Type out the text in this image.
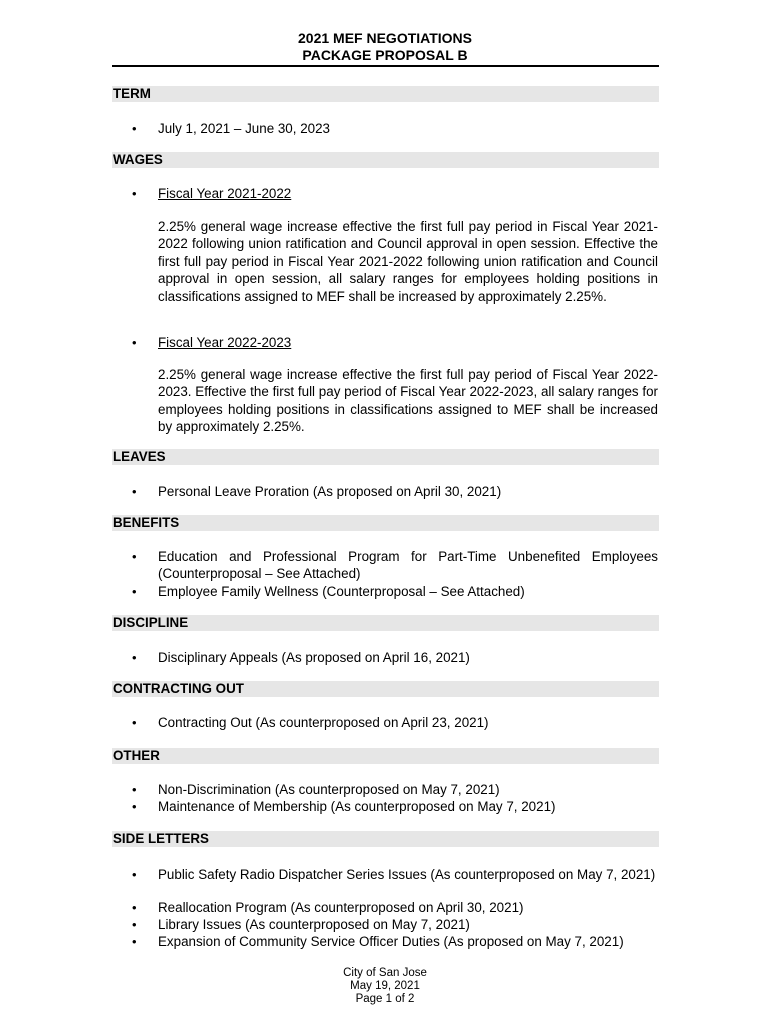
2021 MEF NEGOTIATIONS
PACKAGE PROPOSAL B
TERM
•	July 1, 2021 – June 30, 2023
WAGES
•	Fiscal Year 2021-2022
2.25% general wage increase effective the first full pay period in Fiscal Year 2021-2022 following union ratification and Council approval in open session. Effective the first full pay period in Fiscal Year 2021-2022 following union ratification and Council approval in open session, all salary ranges for employees holding positions in classifications assigned to MEF shall be increased by approximately 2.25%.
•	Fiscal Year 2022-2023
2.25% general wage increase effective the first full pay period of Fiscal Year 2022-2023. Effective the first full pay period of Fiscal Year 2022-2023, all salary ranges for employees holding positions in classifications assigned to MEF shall be increased by approximately 2.25%.
LEAVES
•	Personal Leave Proration (As proposed on April 30, 2021)
BENEFITS
•	Education and Professional Program for Part-Time Unbenefited Employees (Counterproposal – See Attached)
•	Employee Family Wellness (Counterproposal – See Attached)
DISCIPLINE
•	Disciplinary Appeals (As proposed on April 16, 2021)
CONTRACTING OUT
•	Contracting Out (As counterproposed on April 23, 2021)
OTHER
•	Non-Discrimination (As counterproposed on May 7, 2021)
•	Maintenance of Membership (As counterproposed on May 7, 2021)
SIDE LETTERS
•	Public Safety Radio Dispatcher Series Issues (As counterproposed on May 7, 2021)
•	Reallocation Program (As counterproposed on April 30, 2021)
•	Library Issues (As counterproposed on May 7, 2021)
•	Expansion of Community Service Officer Duties (As proposed on May 7, 2021)
City of San Jose
May 19, 2021
Page 1 of 2
